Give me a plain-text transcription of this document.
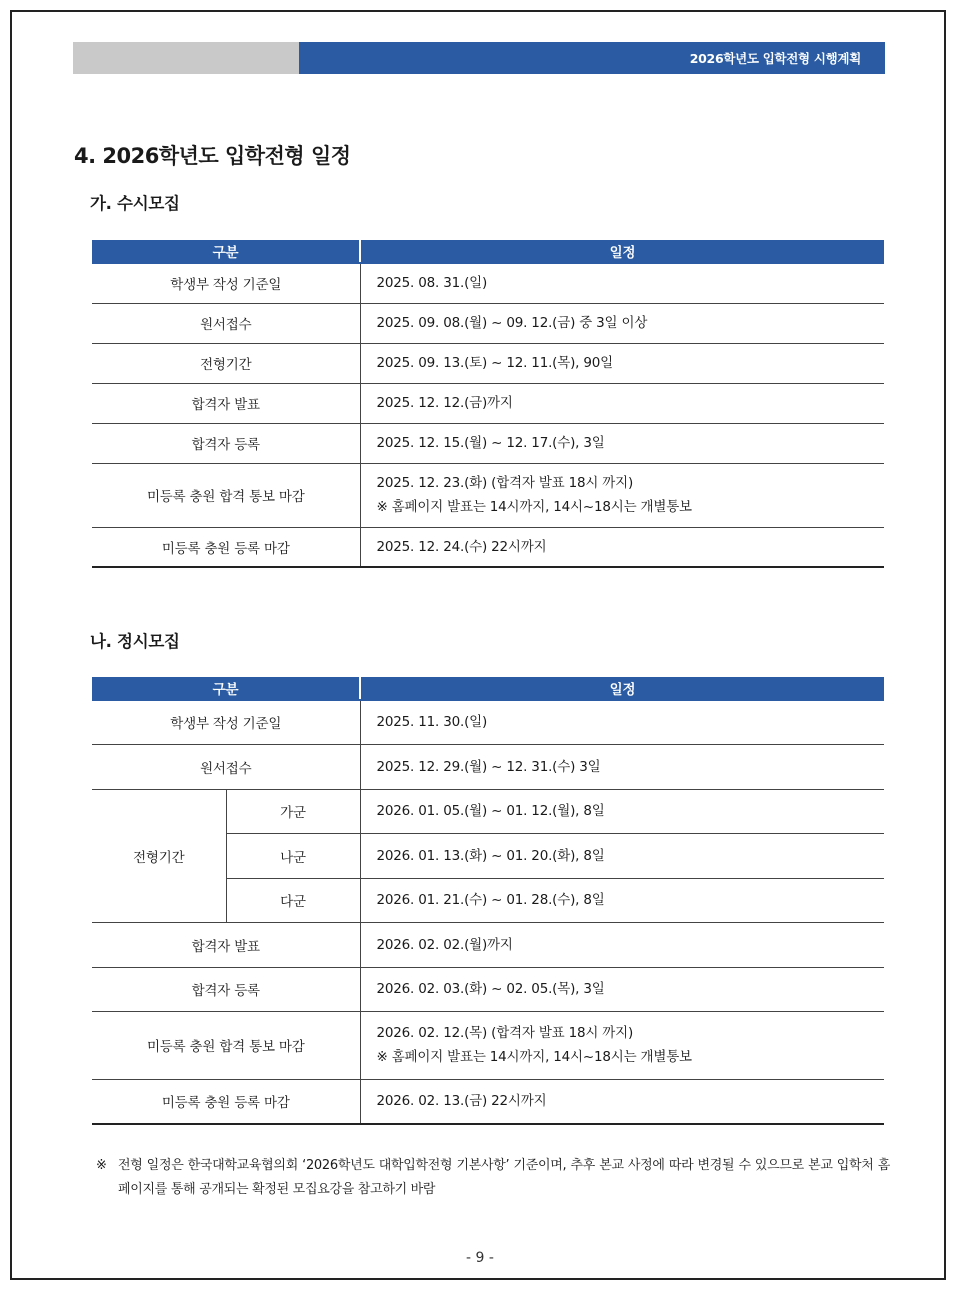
2026학년도 입학전형 시행계획
4. 2026학년도 입학전형 일정
가. 수시모집
구분	일정
학생부 작성 기준일	2025. 08. 31.(일)

원서접수	2025. 09. 08.(월) ~ 09. 12.(금) 중 3일 이상

전형기간	2025. 09. 13.(토) ~ 12. 11.(목), 90일

합격자 발표	2025. 12. 12.(금)까지

합격자 등록	2025. 12. 15.(월) ~ 12. 17.(수), 3일

미등록 충원 합격 통보 마감	2025. 12. 23.(화) (합격자 발표 18시 까지)
※ 홈페이지 발표는 14시까지, 14시~18시는 개별통보

미등록 충원 등록 마감	2025. 12. 24.(수) 22시까지
나. 정시모집
구분		일정
학생부 작성 기준일		2025. 11. 30.(일)
원서접수		2025. 12. 29.(월) ~ 12. 31.(수) 3일
전형기간	가군	2026. 01. 05.(월) ~ 01. 12.(월), 8일
	나군	2026. 01. 13.(화) ~ 01. 20.(화), 8일
	다군	2026. 01. 21.(수) ~ 01. 28.(수), 8일
합격자 발표		2026. 02. 02.(월)까지
합격자 등록		2026. 02. 03.(화) ~ 02. 05.(목), 3일
미등록 충원 합격 통보 마감		2026. 02. 12.(목) (합격자 발표 18시 까지)
※ 홈페이지 발표는 14시까지, 14시~18시는 개별통보

미등록 충원 등록 마감		2026. 02. 13.(금) 22시까지
※ 전형 일정은 한국대학교육협의회 ‘2026학년도 대학입학전형 기본사항’ 기준이며, 추후 본교 사정에 따라 변경될 수 있으므로 본교 입학처 홈페이지를 통해 공개되는 확정된 모집요강을 참고하기 바람
- 9 -
